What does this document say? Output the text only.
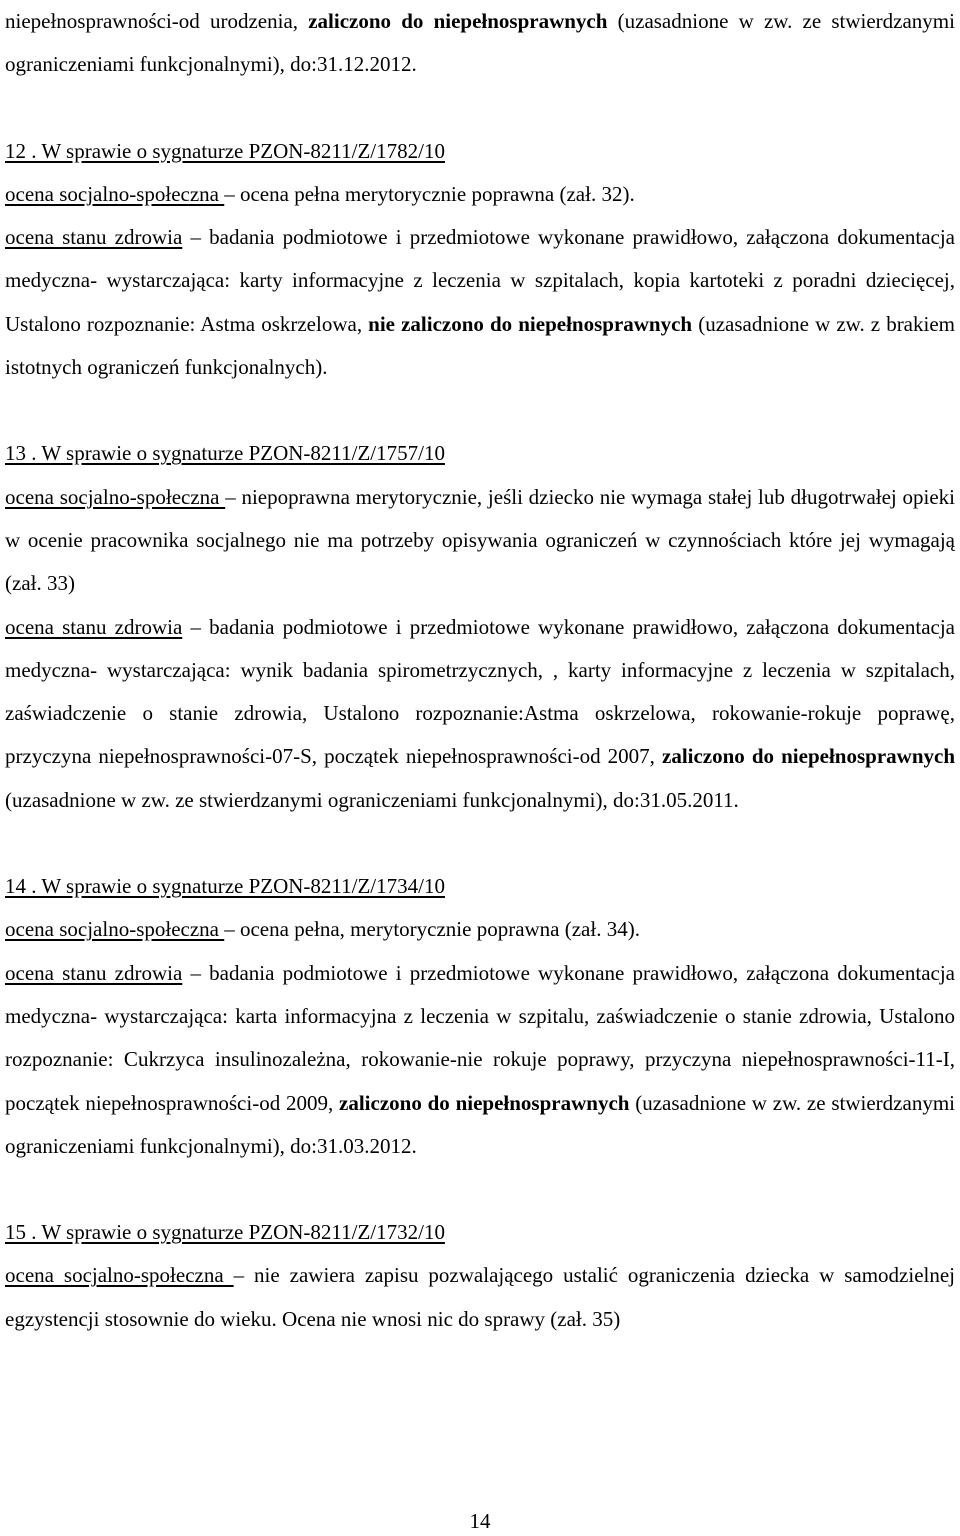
niepełnosprawności-od urodzenia, zaliczono do niepełnosprawnych (uzasadnione w zw. ze stwierdzanymi ograniczeniami funkcjonalnymi), do:31.12.2012.

12 . W sprawie o sygnaturze PZON-8211/Z/1782/10

ocena socjalno-społeczna – ocena pełna merytorycznie poprawna (zał. 32).

ocena stanu zdrowia – badania podmiotowe i przedmiotowe wykonane prawidłowo, załączona dokumentacja medyczna- wystarczająca: karty informacyjne z leczenia w szpitalach, kopia kartoteki z poradni dziecięcej, Ustalono rozpoznanie: Astma oskrzelowa, nie zaliczono do niepełnosprawnych (uzasadnione w zw. z brakiem istotnych ograniczeń funkcjonalnych).

13 . W sprawie o sygnaturze PZON-8211/Z/1757/10

ocena socjalno-społeczna – niepoprawna merytorycznie, jeśli dziecko nie wymaga stałej lub długotrwałej opieki w ocenie pracownika socjalnego nie ma potrzeby opisywania ograniczeń w czynnościach które jej wymagają (zał. 33)

ocena stanu zdrowia – badania podmiotowe i przedmiotowe wykonane prawidłowo, załączona dokumentacja medyczna- wystarczająca: wynik badania spirometrzycznych, , karty informacyjne z leczenia w szpitalach, zaświadczenie o stanie zdrowia, Ustalono rozpoznanie:Astma oskrzelowa, rokowanie-rokuje poprawę, przyczyna niepełnosprawności-07-S, początek niepełnosprawności-od 2007, zaliczono do niepełnosprawnych (uzasadnione w zw. ze stwierdzanymi ograniczeniami funkcjonalnymi), do:31.05.2011.

14 . W sprawie o sygnaturze PZON-8211/Z/1734/10

ocena socjalno-społeczna – ocena pełna, merytorycznie poprawna (zał. 34).

ocena stanu zdrowia – badania podmiotowe i przedmiotowe wykonane prawidłowo, załączona dokumentacja medyczna- wystarczająca: karta informacyjna z leczenia w szpitalu, zaświadczenie o stanie zdrowia, Ustalono rozpoznanie: Cukrzyca insulinozależna, rokowanie-nie rokuje poprawy, przyczyna niepełnosprawności-11-I, początek niepełnosprawności-od 2009, zaliczono do niepełnosprawnych (uzasadnione w zw. ze stwierdzanymi ograniczeniami funkcjonalnymi), do:31.03.2012.

15 . W sprawie o sygnaturze PZON-8211/Z/1732/10

ocena socjalno-społeczna – nie zawiera zapisu pozwalającego ustalić ograniczenia dziecka w samodzielnej egzystencji stosownie do wieku. Ocena nie wnosi nic do sprawy (zał. 35)

14
